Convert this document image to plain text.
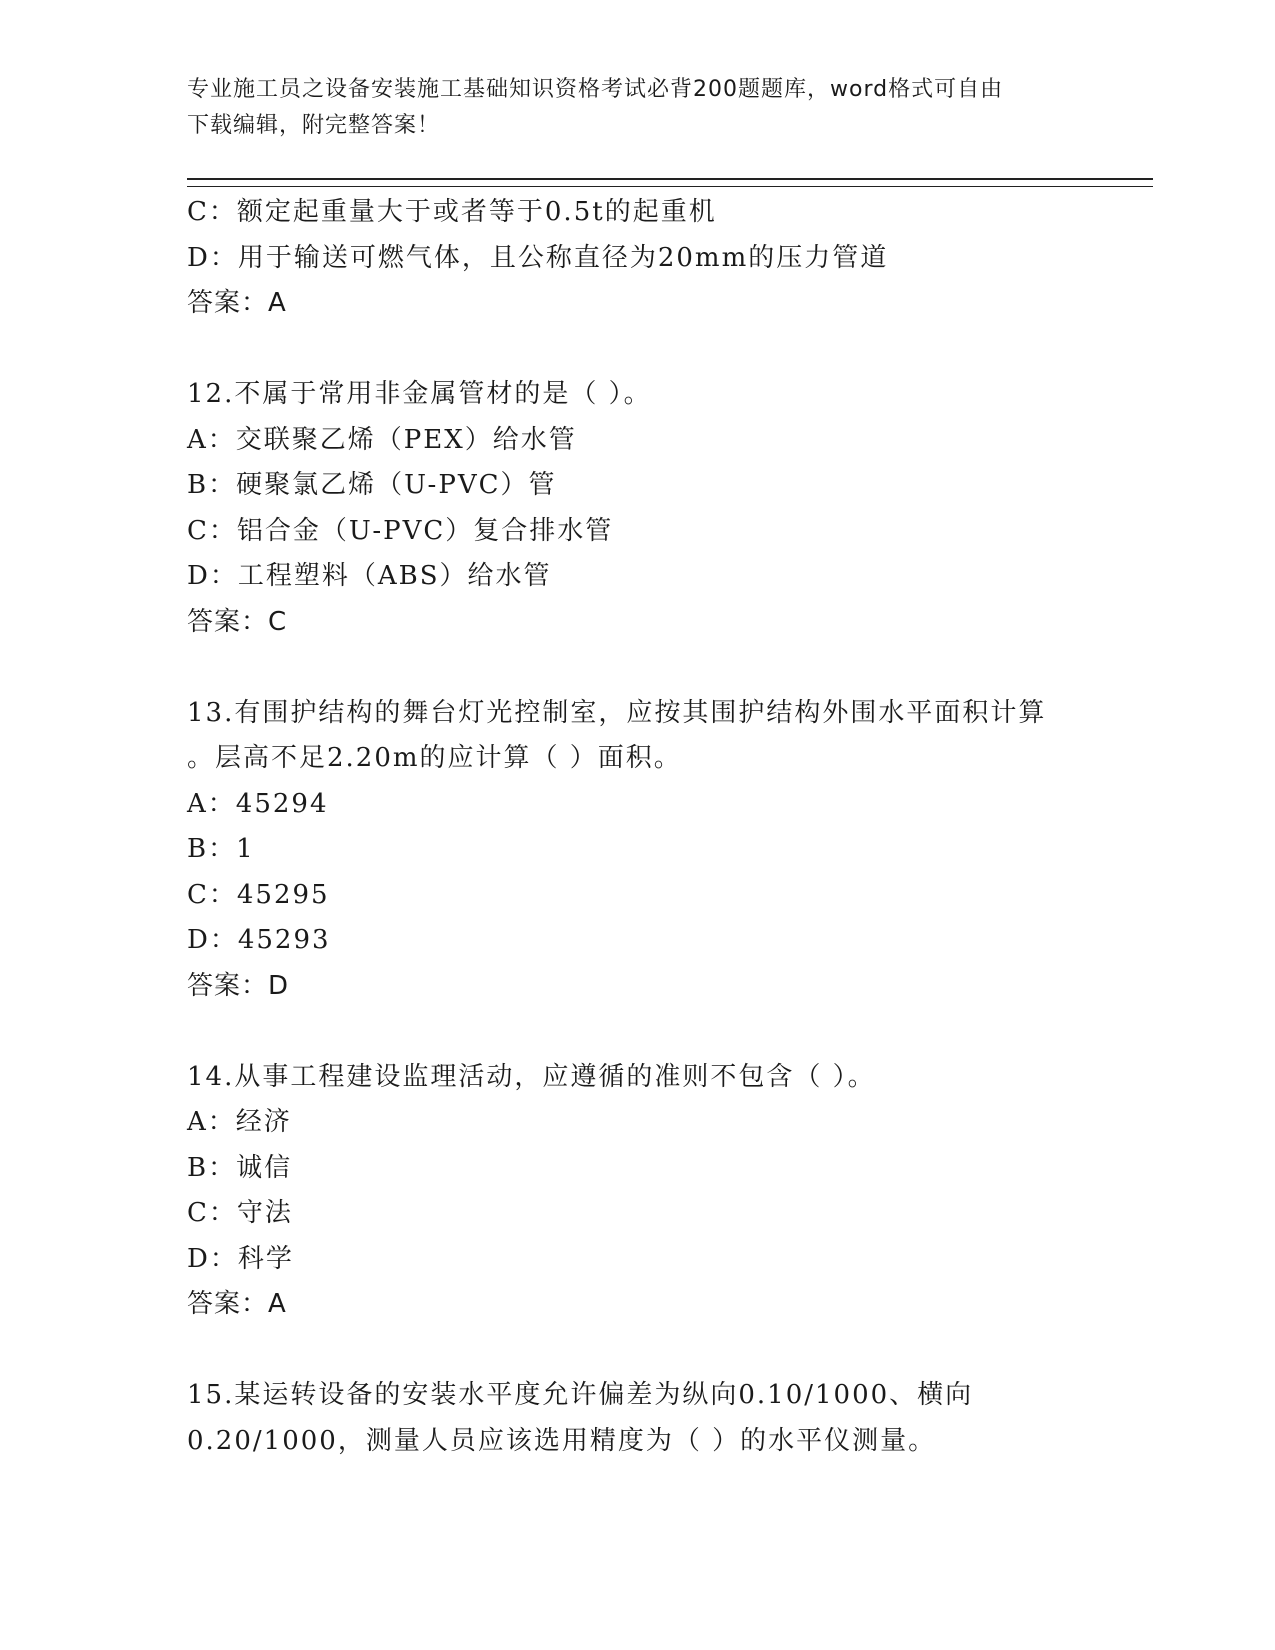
专业施工员之设备安装施工基础知识资格考试必背200题题库，word格式可自由
下载编辑，附完整答案！
C：额定起重量大于或者等于0.5t的起重机
D：用于输送可燃气体，且公称直径为20mm的压力管道
答案：A
12.不属于常用非金属管材的是（ ）。
A：交联聚乙烯（PEX）给水管
B：硬聚氯乙烯（U-PVC）管
C：铝合金（U-PVC）复合排水管
D：工程塑料（ABS）给水管
答案：C
13.有围护结构的舞台灯光控制室，应按其围护结构外围水平面积计算
。层高不足2.20m的应计算（ ）面积。
A：45294
B：1
C：45295
D：45293
答案：D
14.从事工程建设监理活动，应遵循的准则不包含（ ）。
A：经济
B：诚信
C：守法
D：科学
答案：A
15.某运转设备的安装水平度允许偏差为纵向0.10/1000、横向
0.20/1000，测量人员应该选用精度为（ ）的水平仪测量。
